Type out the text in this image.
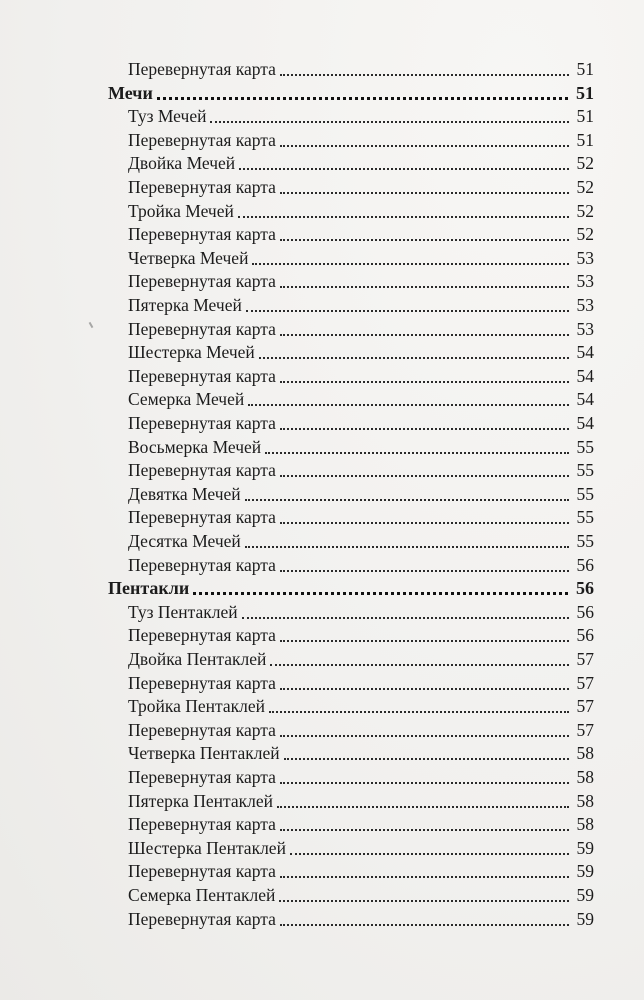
Перевернутая карта	51
Мечи	51
Туз Мечей	51
Перевернутая карта	51
Двойка Мечей	52
Перевернутая карта	52
Тройка Мечей	52
Перевернутая карта	52
Четверка Мечей	53
Перевернутая карта	53
Пятерка Мечей	53
Перевернутая карта	53
Шестерка Мечей	54
Перевернутая карта	54
Семерка Мечей	54
Перевернутая карта	54
Восьмерка Мечей	55
Перевернутая карта	55
Девятка Мечей	55
Перевернутая карта	55
Десятка Мечей	55
Перевернутая карта	56
Пентакли	56
Туз Пентаклей	56
Перевернутая карта	56
Двойка Пентаклей	57
Перевернутая карта	57
Тройка Пентаклей	57
Перевернутая карта	57
Четверка Пентаклей	58
Перевернутая карта	58
Пятерка Пентаклей	58
Перевернутая карта	58
Шестерка Пентаклей	59
Перевернутая карта	59
Семерка Пентаклей	59
Перевернутая карта	59
